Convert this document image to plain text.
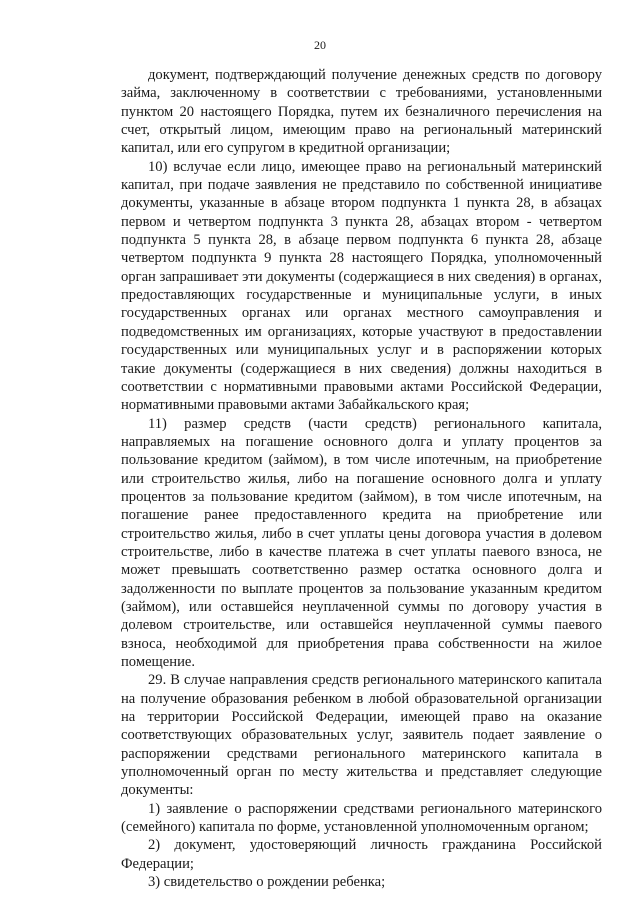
20

документ, подтверждающий получение денежных средств по договору займа, заключенному в соответствии с требованиями, установленными пунктом 20 настоящего Порядка, путем их безналичного перечисления на счет, открытый лицом, имеющим право на региональный материнский капитал, или его супругом в кредитной организации;

10) вслучае если лицо, имеющее право на региональный материнский капитал, при подаче заявления не представило по собственной инициативе документы, указанные в абзаце втором подпункта 1 пункта 28, в абзацах первом и четвертом подпункта 3 пункта 28, абзацах втором - четвертом подпункта 5 пункта 28, в абзаце первом подпункта 6 пункта 28, абзаце четвертом подпункта 9 пункта 28 настоящего Порядка, уполномоченный орган запрашивает эти документы (содержащиеся в них сведения) в органах, предоставляющих государственные и муниципальные услуги, в иных государственных органах или органах местного самоуправления и подведомственных им организациях, которые участвуют в предоставлении государственных или муниципальных услуг и в распоряжении которых такие документы (содержащиеся в них сведения) должны находиться в соответствии с нормативными правовыми актами Российской Федерации, нормативными правовыми актами Забайкальского края;

11) размер средств (части средств) регионального капитала, направляемых на погашение основного долга и уплату процентов за пользование кредитом (займом), в том числе ипотечным, на приобретение или строительство жилья, либо на погашение основного долга и уплату процентов за пользование кредитом (займом), в том числе ипотечным, на погашение ранее предоставленного кредита на приобретение или строительство жилья, либо в счет уплаты цены договора участия в долевом строительстве, либо в качестве платежа в счет уплаты паевого взноса, не может превышать соответственно размер остатка основного долга и задолженности по выплате процентов за пользование указанным кредитом (займом), или оставшейся неуплаченной суммы по договору участия в долевом строительстве, или оставшейся неуплаченной суммы паевого взноса, необходимой для приобретения права собственности на жилое помещение.

29. В случае направления средств регионального материнского капитала на получение образования ребенком в любой образовательной организации на территории Российской Федерации, имеющей право на оказание соответствующих образовательных услуг, заявитель подает заявление о распоряжении средствами регионального материнского капитала в уполномоченный орган по месту жительства и представляет следующие документы:

1) заявление о распоряжении средствами регионального материнского (семейного) капитала по форме, установленной уполномоченным органом;

2) документ, удостоверяющий личность гражданина Российской Федерации;

3) свидетельство о рождении ребенка;
